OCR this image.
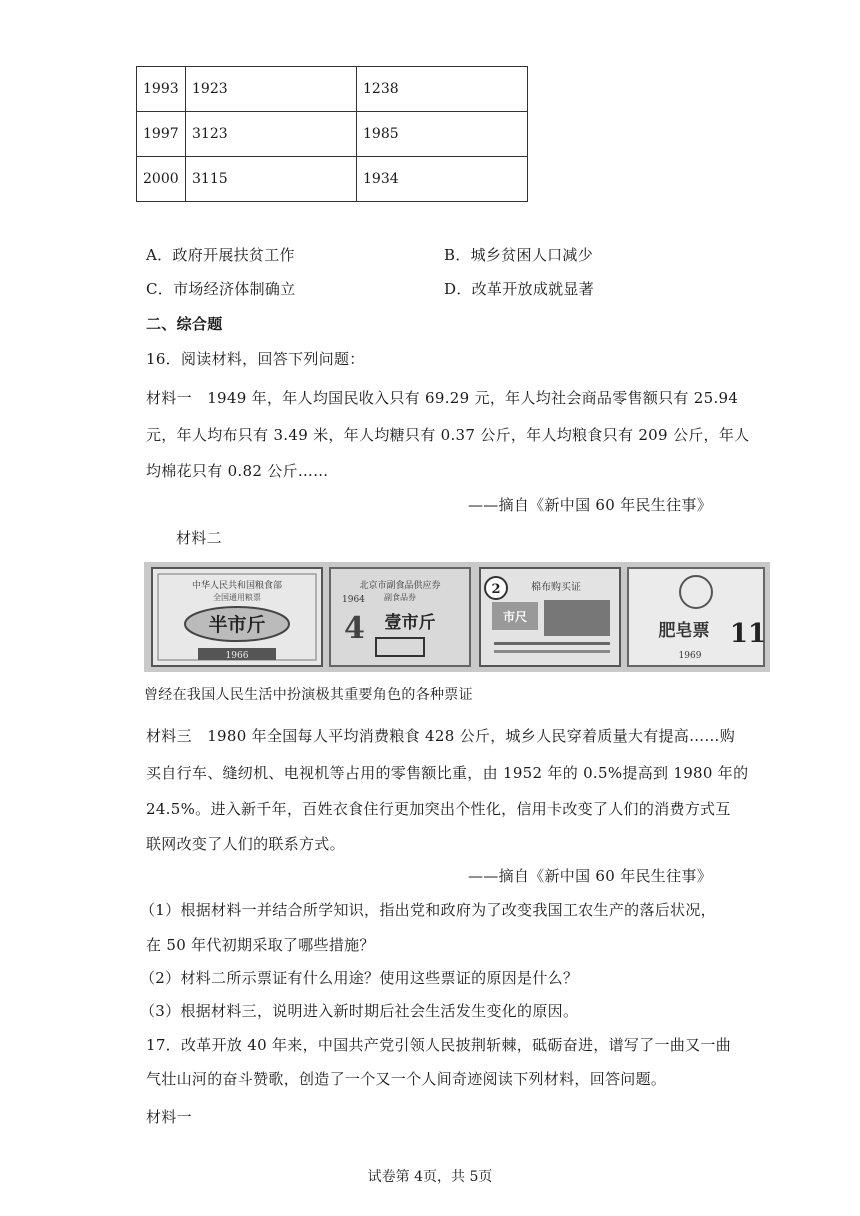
1993	1923	1238
1997	3123	1985
2000	3115	1934
A．政府开展扶贫工作	B．城乡贫困人口减少
C．市场经济体制确立	D．改革开放成就显著
二、综合题
16．阅读材料，回答下列问题：
材料一　1949 年，年人均国民收入只有 69.29 元，年人均社会商品零售额只有 25.94
元，年人均布只有 3.49 米，年人均糖只有 0.37 公斤，年人均粮食只有 209 公斤，年人
均棉花只有 0.82 公斤……
——摘自《新中国 60 年民生往事》
材料二
中华人民共和国粮食部
全国通用粮票
半市斤
1966
北京市副食品供应券
副食品券
1964
4 壹市斤
2	棉布购买证
市尺
肥皂票 11
1969
曾经在我国人民生活中扮演极其重要角色的各种票证
材料三　1980 年全国每人平均消费粮食 428 公斤，城乡人民穿着质量大有提高……购
买自行车、缝纫机、电视机等占用的零售额比重，由 1952 年的 0.5%提高到 1980 年的
24.5%。进入新千年，百姓衣食住行更加突出个性化，信用卡改变了人们的消费方式互
联网改变了人们的联系方式。
——摘自《新中国 60 年民生往事》
（1）根据材料一并结合所学知识，指出党和政府为了改变我国工农生产的落后状况，
在 50 年代初期采取了哪些措施？
（2）材料二所示票证有什么用途？使用这些票证的原因是什么？
（3）根据材料三，说明进入新时期后社会生活发生变化的原因。
17．改革开放 40 年来，中国共产党引领人民披荆斩棘，砥砺奋进，谱写了一曲又一曲
气壮山河的奋斗赞歌，创造了一个又一个人间奇迹阅读下列材料，回答问题。
材料一
试卷第 4页，共 5页
